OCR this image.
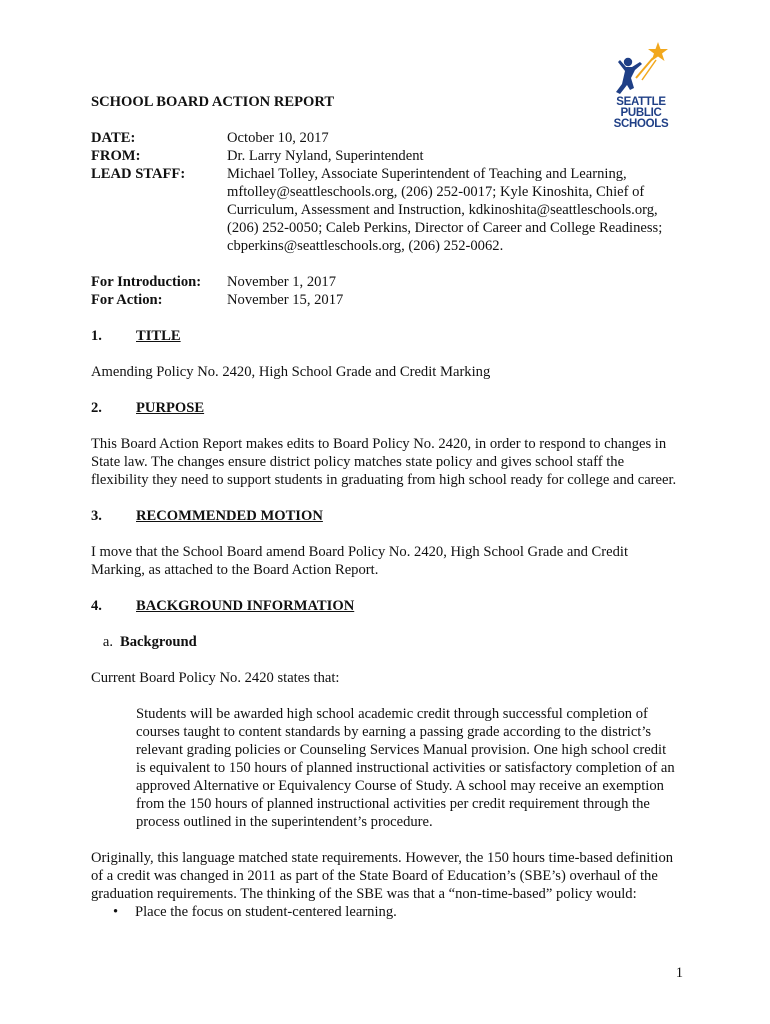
SEATTLE
PUBLIC
SCHOOLS
SCHOOL BOARD ACTION REPORT
DATE:	October 10, 2017
FROM:	Dr. Larry Nyland, Superintendent
LEAD STAFF:	Michael Tolley, Associate Superintendent of Teaching and Learning, mftolley@seattleschools.org, (206) 252-0017; Kyle Kinoshita, Chief of Curriculum, Assessment and Instruction, kdkinoshita@seattleschools.org, (206) 252-0050; Caleb Perkins, Director of Career and College Readiness; cbperkins@seattleschools.org, (206) 252-0062.
For Introduction:	November 1, 2017
For Action:	November 15, 2017
1.	TITLE

Amending Policy No. 2420, High School Grade and Credit Marking

2.	PURPOSE

This Board Action Report makes edits to Board Policy No. 2420, in order to respond to changes in State law. The changes ensure district policy matches state policy and gives school staff the flexibility they need to support students in graduating from high school ready for college and career.

3.	RECOMMENDED MOTION

I move that the School Board amend Board Policy No. 2420, High School Grade and Credit Marking, as attached to the Board Action Report.

4.	BACKGROUND INFORMATION
a. Background

Current Board Policy No. 2420 states that:

Students will be awarded high school academic credit through successful completion of courses taught to content standards by earning a passing grade according to the district’s relevant grading policies or Counseling Services Manual provision. One high school credit is equivalent to 150 hours of planned instructional activities or satisfactory completion of an approved Alternative or Equivalency Course of Study. A school may receive an exemption from the 150 hours of planned instructional activities per credit requirement through the process outlined in the superintendent’s procedure.

Originally, this language matched state requirements. However, the 150 hours time-based definition of a credit was changed in 2011 as part of the State Board of Education’s (SBE’s) overhaul of the graduation requirements. The thinking of the SBE was that a “non-time-based” policy would:

• Place the focus on student-centered learning.
1
